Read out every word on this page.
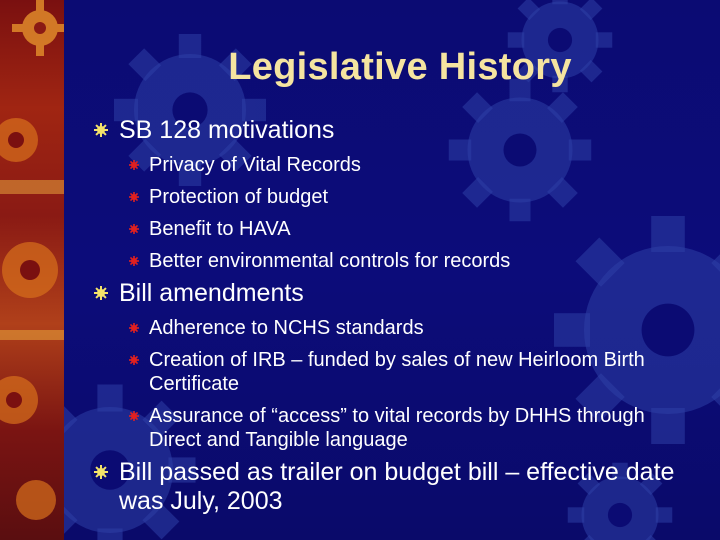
Legislative History
SB 128 motivations
Privacy of Vital Records
Protection of budget
Benefit to HAVA
Better environmental controls for records
Bill amendments
Adherence to NCHS standards
Creation of IRB – funded by sales of new Heirloom Birth Certificate
Assurance of “access” to vital records by DHHS through Direct and Tangible language
Bill passed as trailer on budget bill – effective date was July, 2003
